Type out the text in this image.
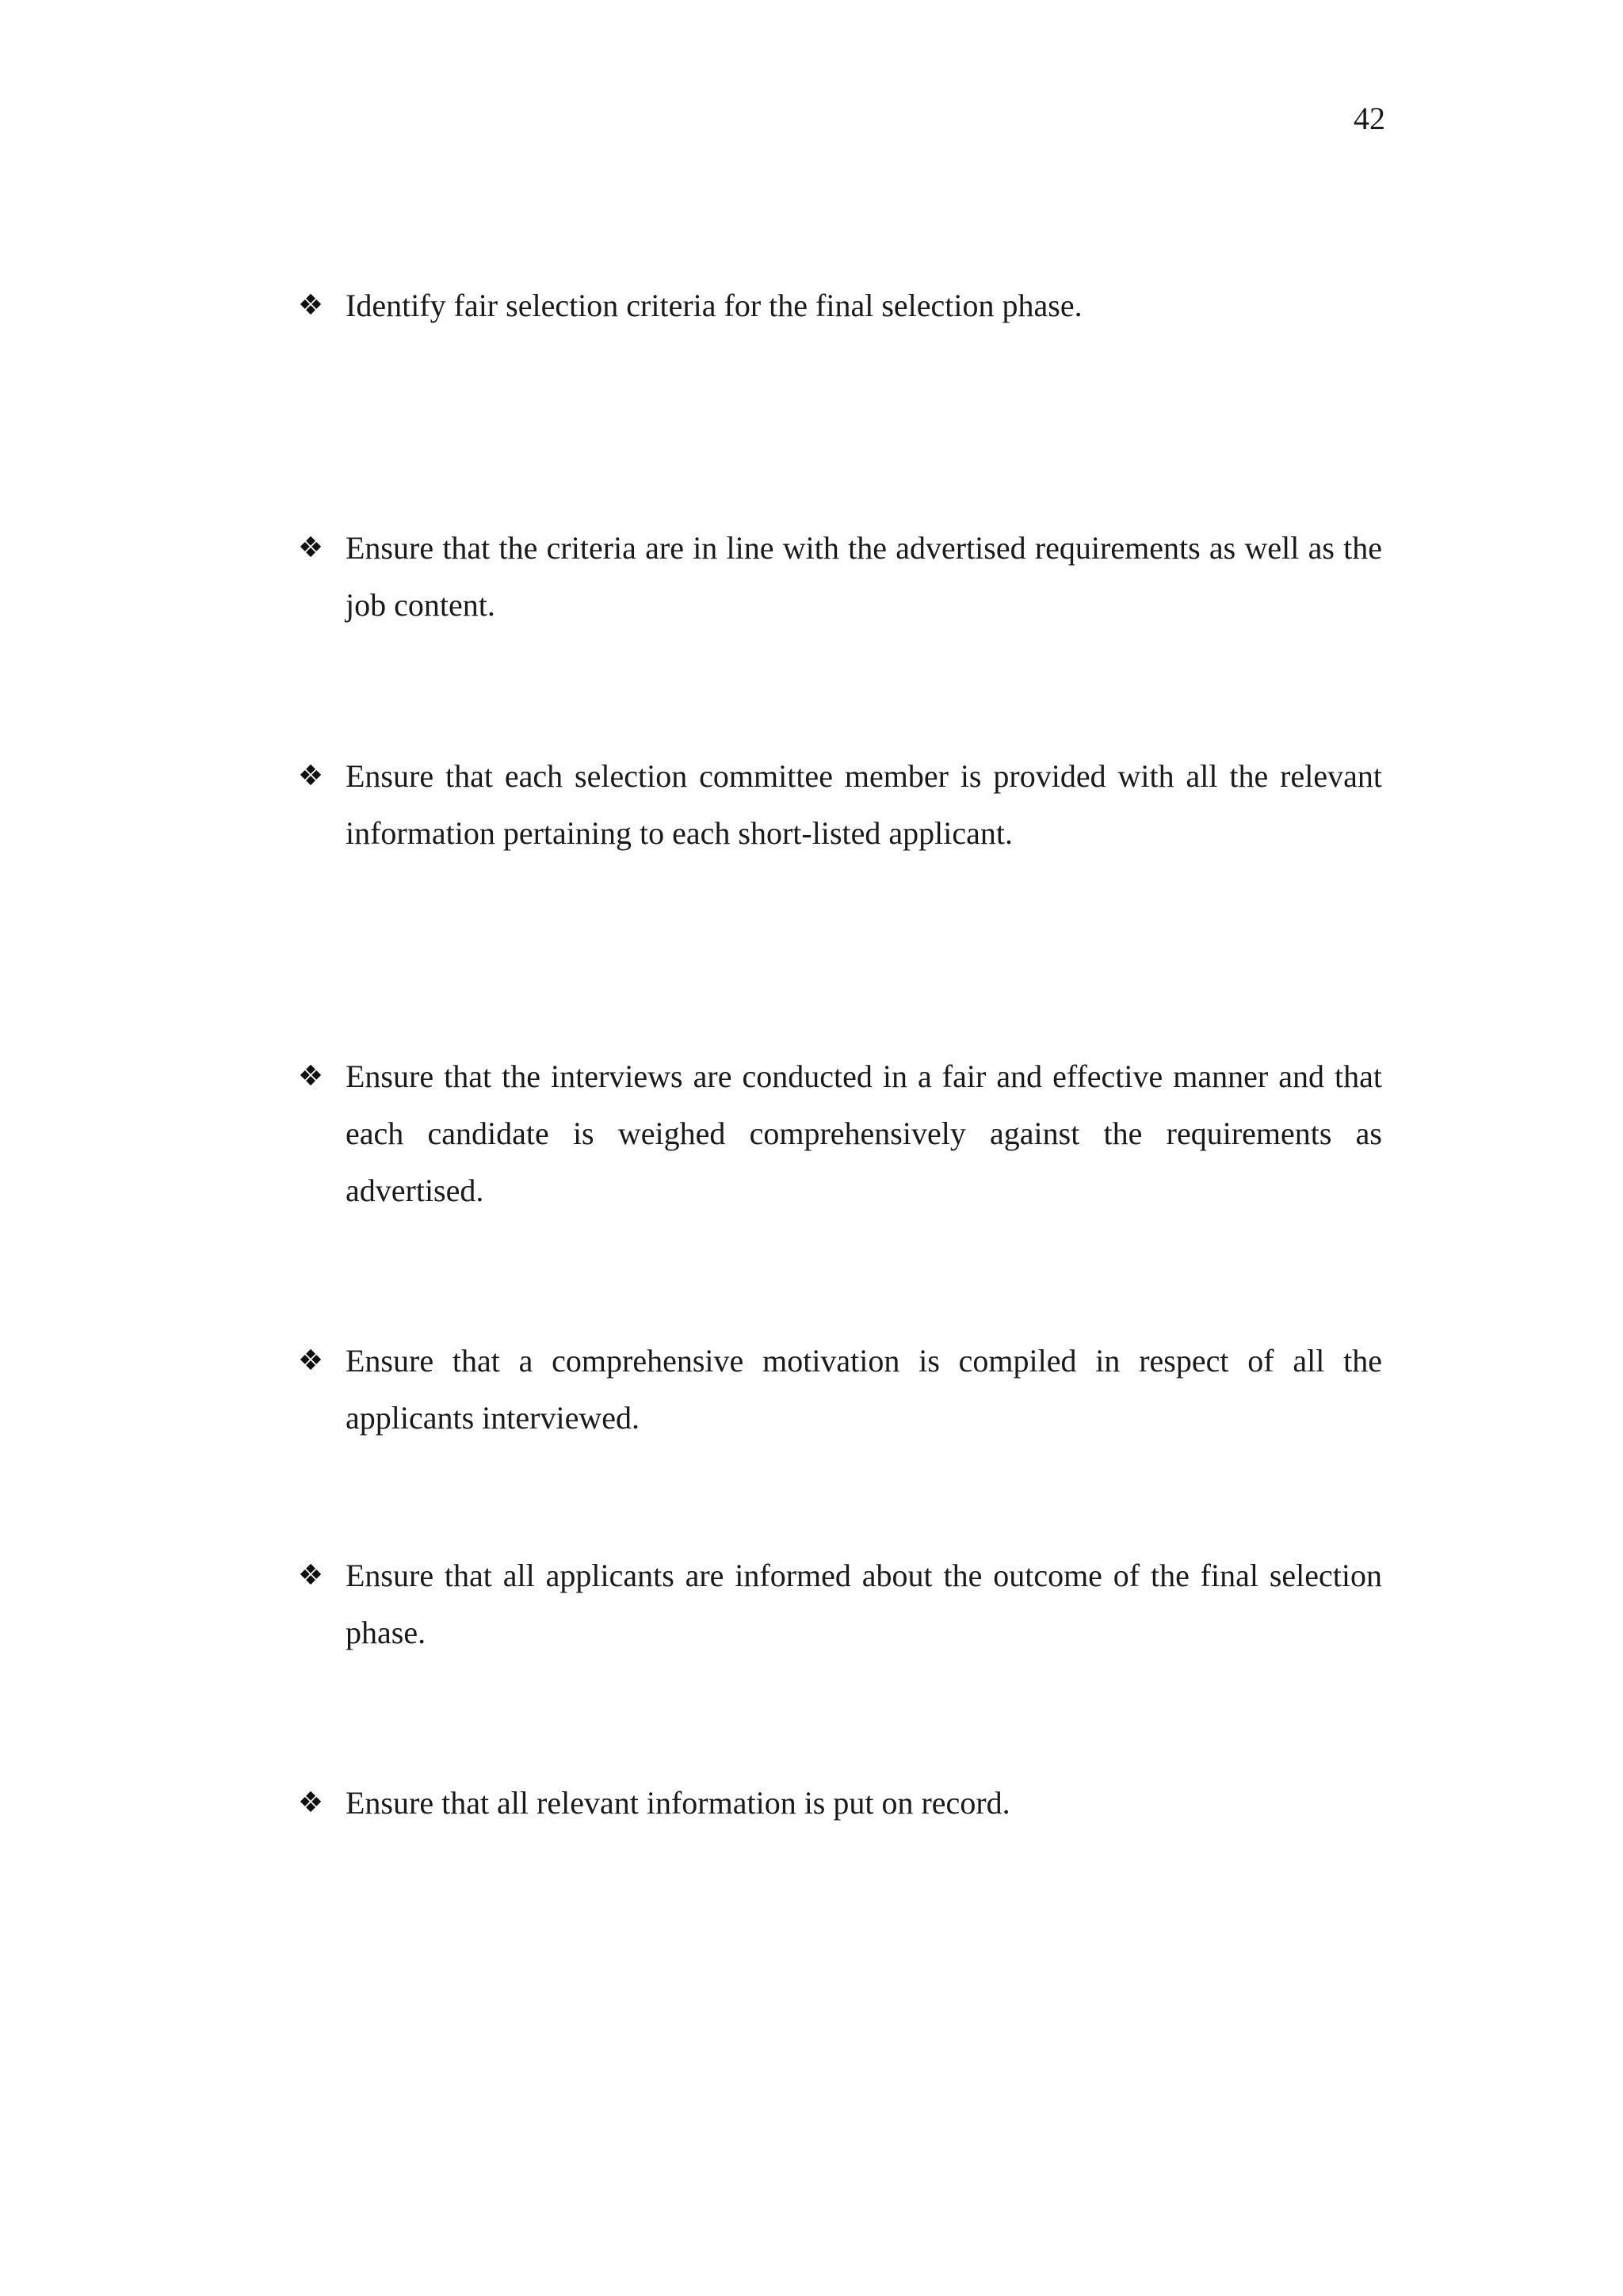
42
❖ Identify fair selection criteria for the final selection phase.
❖ Ensure that the criteria are in line with the advertised requirements as well as the job content.
❖ Ensure that each selection committee member is provided with all the relevant information pertaining to each short-listed applicant.
❖ Ensure that the interviews are conducted in a fair and effective manner and that each candidate is weighed comprehensively against the requirements as advertised.
❖ Ensure that a comprehensive motivation is compiled in respect of all the applicants interviewed.
❖ Ensure that all applicants are informed about the outcome of the final selection phase.
❖ Ensure that all relevant information is put on record.
